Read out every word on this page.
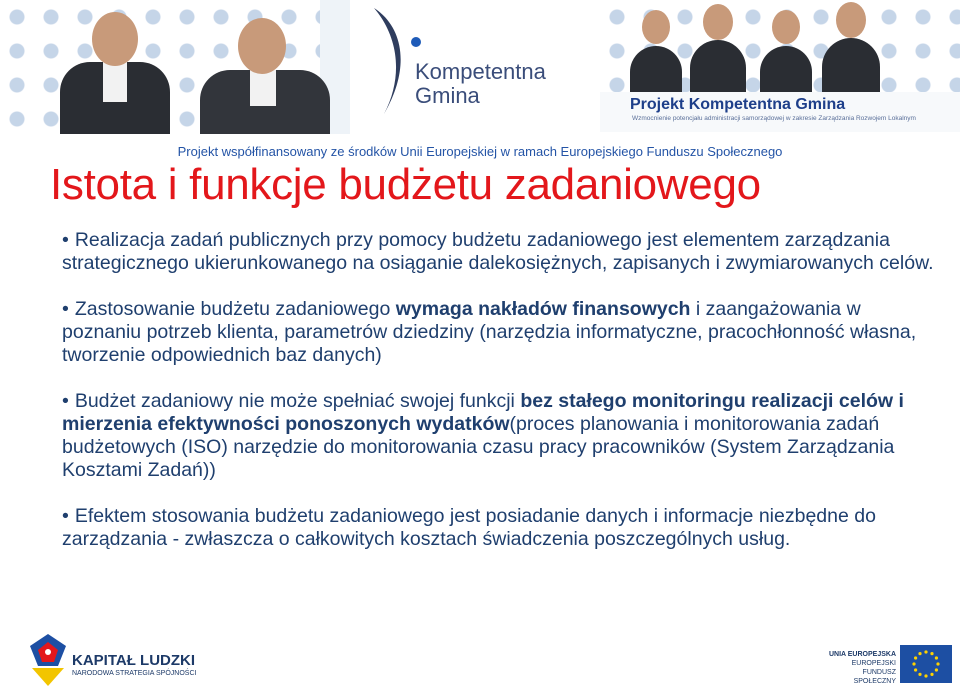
Kompetentna
Gmina	Projekt Kompetentna Gmina
Wzmocnienie potencjału administracji samorządowej w zakresie Zarządzania Rozwojem Lokalnym
Projekt współfinansowany ze środków Unii Europejskiej w ramach Europejskiego Funduszu Społecznego
Istota i funkcje budżetu zadaniowego
• Realizacja zadań publicznych przy pomocy budżetu zadaniowego jest elementem zarządzania strategicznego ukierunkowanego na osiąganie dalekosiężnych, zapisanych i zwymiarowanych celów.
• Zastosowanie budżetu zadaniowego wymaga nakładów finansowych i zaangażowania w poznaniu potrzeb klienta, parametrów dziedziny (narzędzia informatyczne, pracochłonność własna, tworzenie odpowiednich baz danych)
• Budżet zadaniowy nie może spełniać swojej funkcji bez stałego monitoringu realizacji celów i mierzenia efektywności ponoszonych wydatków(proces planowania i monitorowania zadań budżetowych (ISO) narzędzie do monitorowania czasu pracy pracowników (System Zarządzania Kosztami Zadań))
• Efektem stosowania budżetu zadaniowego jest posiadanie danych i informacje niezbędne do zarządzania - zwłaszcza o całkowitych kosztach świadczenia poszczególnych usług.
KAPITAŁ LUDZKI
NARODOWA STRATEGIA SPÓJNOŚCI
UNIA EUROPEJSKA
EUROPEJSKI
FUNDUSZ SPOŁECZNY
